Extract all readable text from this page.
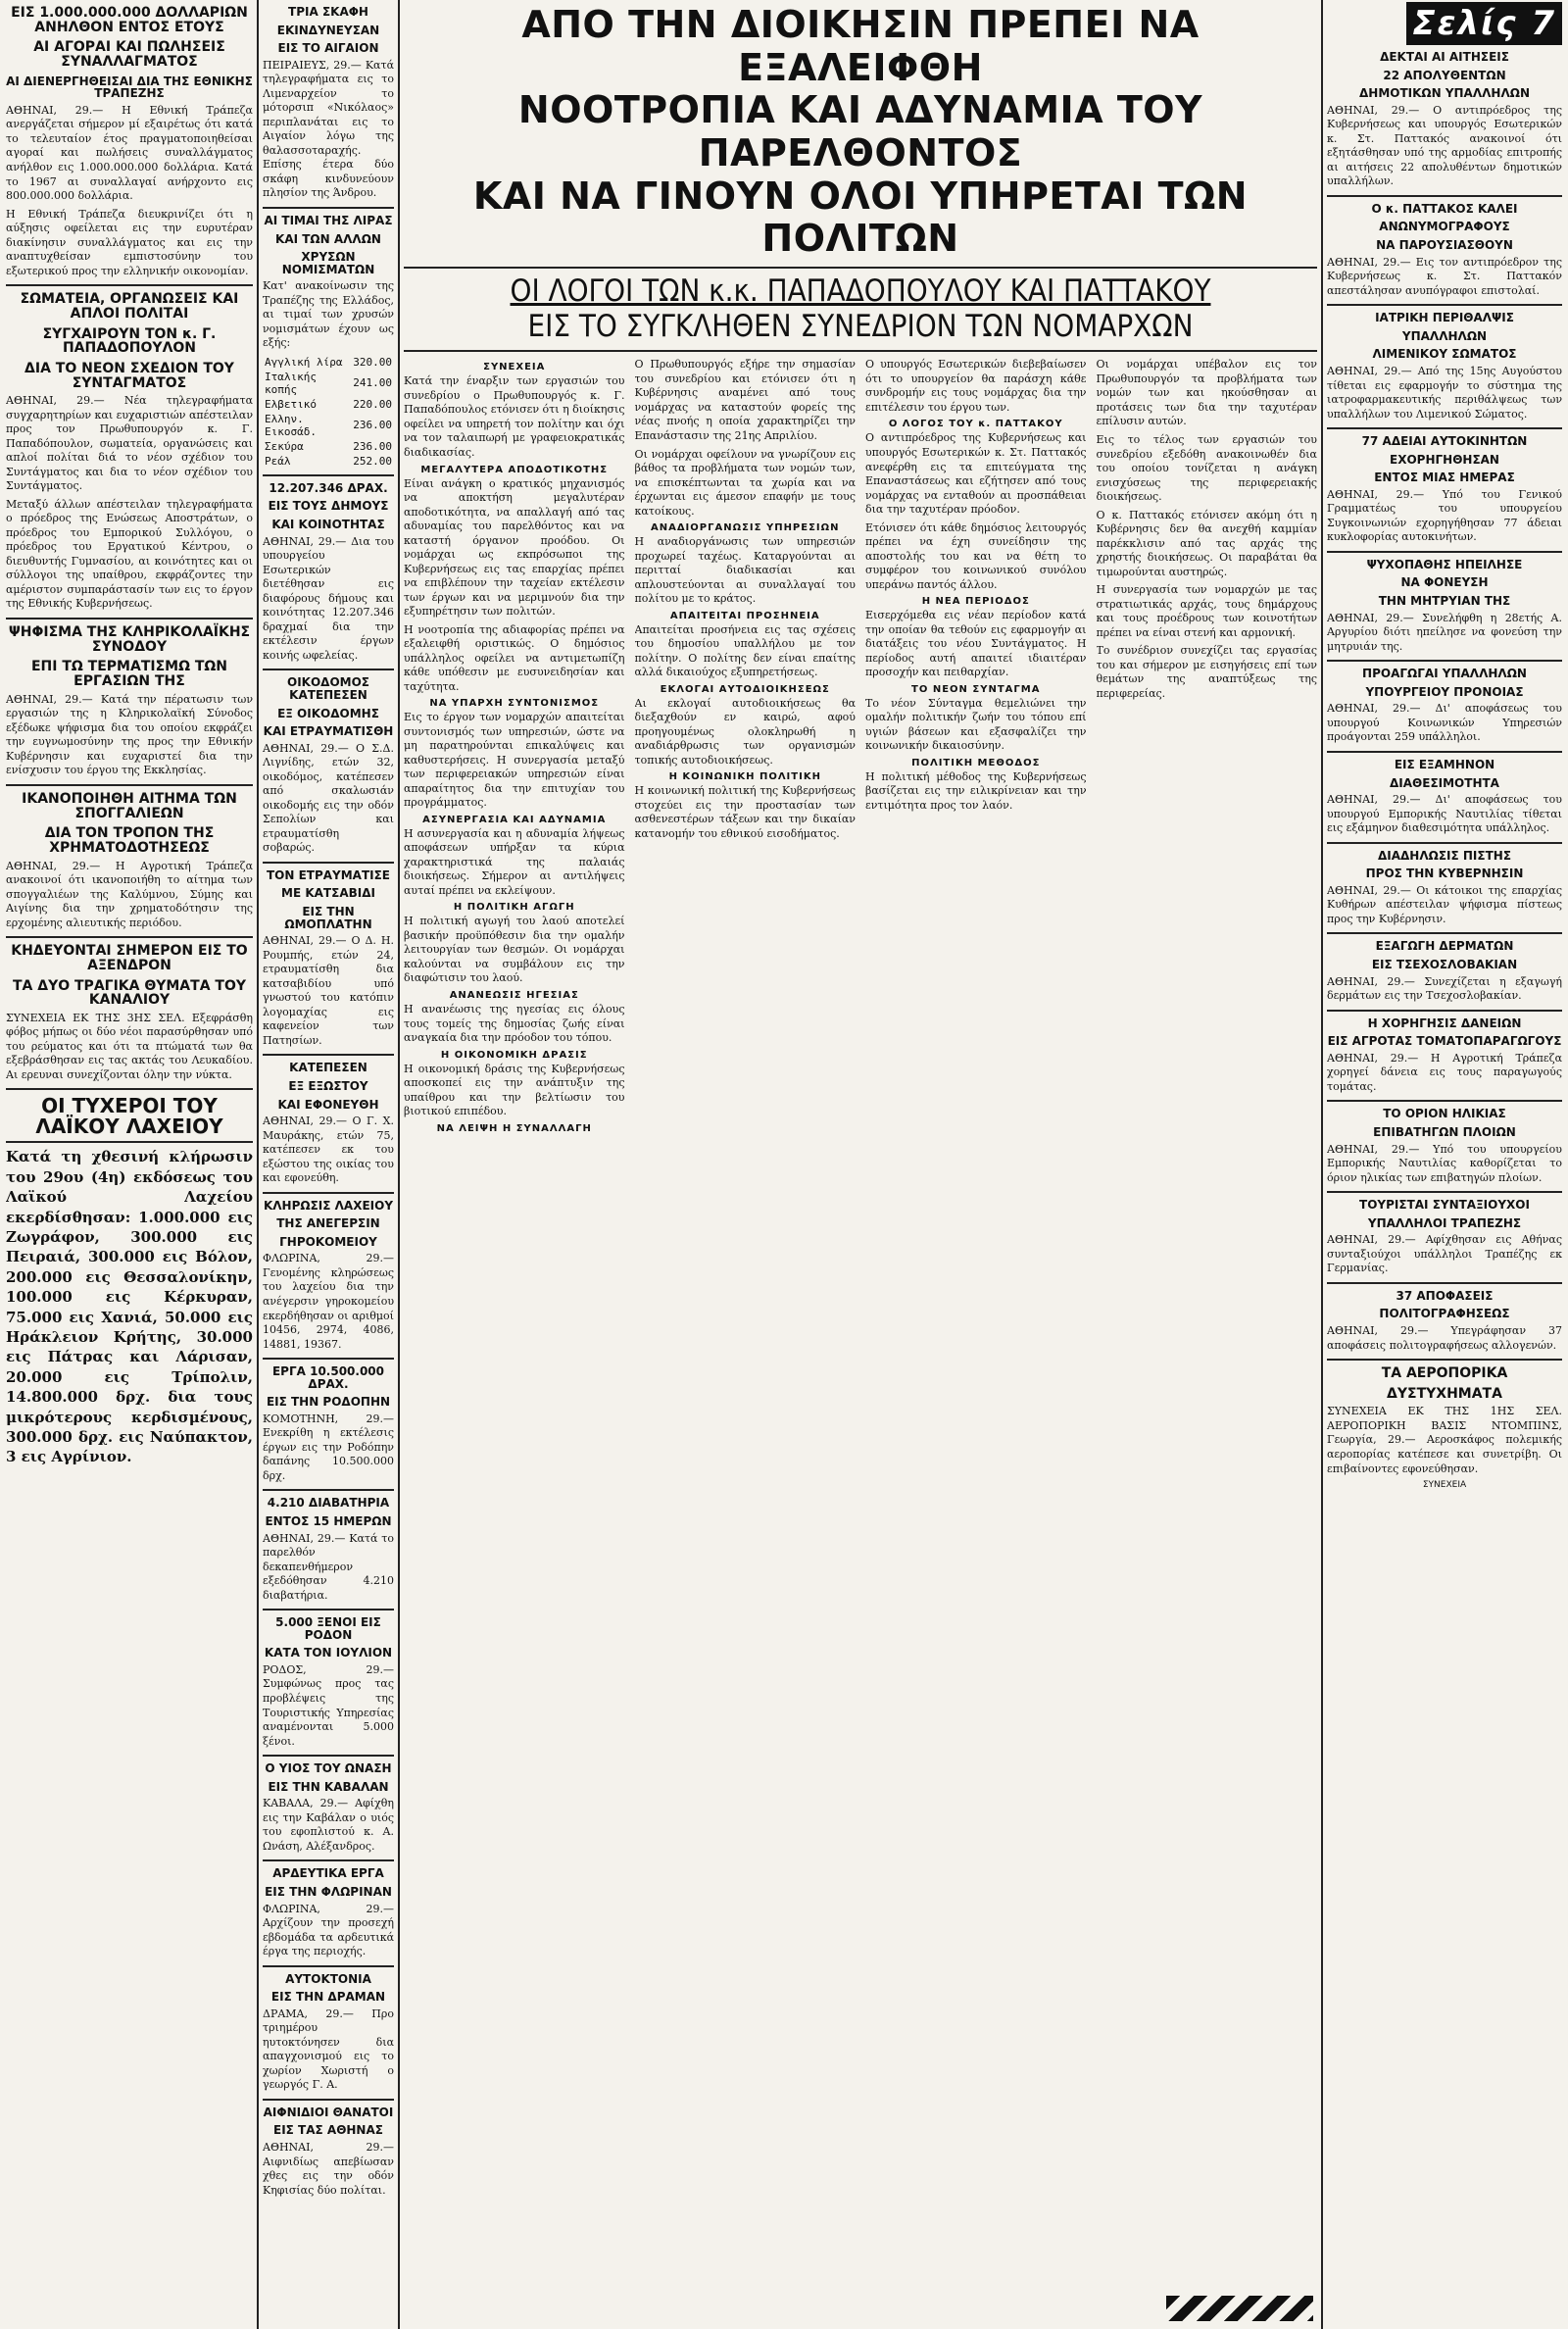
ΕΙΣ 1.000.000.000 ΔΟΛΛΑΡΙΩΝ ΑΝΗΛΘΟΝ ΕΝΤΟΣ ΕΤΟΥΣ
ΑΙ ΑΓΟΡΑΙ ΚΑΙ ΠΩΛΗΣΕΙΣ ΣΥΝΑΛΛΑΓΜΑΤΟΣ
ΑΙ ΔΙΕΝΕΡΓΗΘΕΙΣΑΙ ΔΙΑ ΤΗΣ ΕΘΝΙΚΗΣ ΤΡΑΠΕΖΗΣ

ΑΘΗΝΑΙ, 29.— Η Εθνική Τράπεζα ανεργάζεται σήμερον μί εξαιρέτως ότι κατά το τελευταίον έτος πραγματοποιηθείσαι αγοραί και πωλήσεις συναλλάγματος ανήλθον εις 1.000.000.000 δολλάρια. Κατά το 1967 αι συναλλαγαί ανήρχοντο εις 800.000.000 δολλάρια.

Η Εθνική Τράπεζα διευκρινίζει ότι η αύξησις οφείλεται εις την ευρυτέραν διακίνησιν συναλλάγματος και εις την αναπτυχθείσαν εμπιστοσύνην του εξωτερικού προς την ελληνικήν οικονομίαν.

ΣΩΜΑΤΕΙΑ, ΟΡΓΑΝΩΣΕΙΣ ΚΑΙ ΑΠΛΟΙ ΠΟΛΙΤΑΙ
ΣΥΓΧΑΙΡΟΥΝ ΤΟΝ κ. Γ. ΠΑΠΑΔΟΠΟΥΛΟΝ
ΔΙΑ ΤΟ ΝΕΟΝ ΣΧΕΔΙΟΝ ΤΟΥ ΣΥΝΤΑΓΜΑΤΟΣ

ΑΘΗΝΑΙ, 29.— Νέα τηλεγραφήματα συγχαρητηρίων και ευχαριστιών απέστειλαν προς τον Πρωθυπουργόν κ. Γ. Παπαδόπουλον, σωματεία, οργανώσεις και απλοί πολίται διά το νέον σχέδιον του Συντάγματος και δια το νέον σχέδιον του Συντάγματος.

Μεταξύ άλλων απέστειλαν τηλεγραφήματα ο πρόεδρος της Ενώσεως Αποστράτων, ο πρόεδρος του Εμπορικού Συλλόγου, ο πρόεδρος του Εργατικού Κέντρου, ο διευθυντής Γυμνασίου, αι κοινότητες και οι σύλλογοι της υπαίθρου, εκφράζοντες την αμέριστον συμπαράστασίν των εις το έργον της Εθνικής Κυβερνήσεως.

ΨΗΦΙΣΜΑ ΤΗΣ ΚΛΗΡΙΚΟΛΑΪΚΗΣ ΣΥΝΟΔΟΥ
ΕΠΙ ΤΩ ΤΕΡΜΑΤΙΣΜΩ ΤΩΝ ΕΡΓΑΣΙΩΝ ΤΗΣ

ΑΘΗΝΑΙ, 29.— Κατά την πέρατωσιν των εργασιών της η Κληρικολαϊκή Σύνοδος εξέδωκε ψήφισμα δια του οποίου εκφράζει την ευγνωμοσύνην της προς την Εθνικήν Κυβέρνησιν και ευχαριστεί δια την ενίσχυσιν του έργου της Εκκλησίας.

ΙΚΑΝΟΠΟΙΗΘΗ ΑΙΤΗΜΑ ΤΩΝ ΣΠΟΓΓΑΛΙΕΩΝ
ΔΙΑ ΤΟΝ ΤΡΟΠΟΝ ΤΗΣ ΧΡΗΜΑΤΟΔΟΤΗΣΕΩΣ

ΑΘΗΝΑΙ, 29.— Η Αγροτική Τράπεζα ανακοινοί ότι ικανοποιήθη το αίτημα των σπογγαλιέων της Καλύμνου, Σύμης και Αιγίνης δια την χρηματοδότησιν της ερχομένης αλιευτικής περιόδου.

ΚΗΔΕΥΟΝΤΑΙ ΣΗΜΕΡΟΝ ΕΙΣ ΤΟ ΑΞΕΝΔΡΟΝ
ΤΑ ΔΥΟ ΤΡΑΓΙΚΑ ΘΥΜΑΤΑ ΤΟΥ ΚΑΝΑΛΙΟΥ

ΣΥΝΕΧΕΙΑ ΕΚ ΤΗΣ 3ΗΣ ΣΕΛ. Εξεφράσθη φόβος μήπως οι δύο νέοι παρασύρθησαν υπό του ρεύματος και ότι τα πτώματά των θα εξεβράσθησαν εις τας ακτάς του Λευκαδίου. Αι ερευναι συνεχίζονται όλην την νύκτα.

ΟΙ ΤΥΧΕΡΟΙ ΤΟΥ ΛΑΪΚΟΥ ΛΑΧΕΙΟΥ
Κατά τη χθεσινή κλήρωσιν του 29ου (4η) εκδόσεως του Λαϊκού Λαχείου εκερδίσθησαν: 1.000.000 εις Ζωγράφον, 300.000 εις Πειραιά, 300.000 εις Βόλον, 200.000 εις Θεσσαλονίκην, 100.000 εις Κέρκυραν, 75.000 εις Χανιά, 50.000 εις Ηράκλειον Κρήτης, 30.000 εις Πάτρας και Λάρισαν, 20.000 εις Τρίπολιν, 14.800.000 δρχ. δια τους μικρότερους κερδισμένους, 300.000 δρχ. εις Ναύπακτον, 3 εις Αγρίνιον.
ΤΡΙΑ ΣΚΑΦΗ
ΕΚΙΝΔΥΝΕΥΣΑΝ
ΕΙΣ ΤΟ ΑΙΓΑΙΟΝ

ΠΕΙΡΑΙΕΥΣ, 29.— Κατά τηλεγραφήματα εις το Λιμεναρχείον το μότορσιπ «Νικόλαος» περιπλανάται εις το Αιγαίον λόγω της θαλασσοταραχής. Επίσης έτερα δύο σκάφη κινδυνεύουν πλησίον της Άνδρου.

ΑΙ ΤΙΜΑΙ ΤΗΣ ΛΙΡΑΣ
ΚΑΙ ΤΩΝ ΑΛΛΩΝ
ΧΡΥΣΩΝ ΝΟΜΙΣΜΑΤΩΝ

Κατ' ανακοίνωσιν της Τραπέζης της Ελλάδος, αι τιμαί των χρυσών νομισμάτων έχουν ως εξής:

Αγγλική λίρα	320.00
Ιταλικής κοπής	241.00
Ελβετικό	220.00
Ελλην. Εικοσάδ.	236.00
Σεκύρα	236.00
Ρεάλ	252.00
12.207.346 ΔΡΑΧ.
ΕΙΣ ΤΟΥΣ ΔΗΜΟΥΣ
ΚΑΙ ΚΟΙΝΟΤΗΤΑΣ

ΑΘΗΝΑΙ, 29.— Δια του υπουργείου Εσωτερικών διετέθησαν εις διαφόρους δήμους και κοινότητας 12.207.346 δραχμαί δια την εκτέλεσιν έργων κοινής ωφελείας.

ΟΙΚΟΔΟΜΟΣ ΚΑΤΕΠΕΣΕΝ
ΕΞ ΟΙΚΟΔΟΜΗΣ
ΚΑΙ ΕΤΡΑΥΜΑΤΙΣΘΗ

ΑΘΗΝΑΙ, 29.— Ο Σ.Δ. Λιγνίδης, ετών 32, οικοδόμος, κατέπεσεν από σκαλωσιάν οικοδομής εις την οδόν Σεπολίων και ετραυματίσθη σοβαρώς.

ΤΟΝ ΕΤΡΑΥΜΑΤΙΣΕ
ΜΕ ΚΑΤΣΑΒΙΔΙ
ΕΙΣ ΤΗΝ ΩΜΟΠΛΑΤΗΝ

ΑΘΗΝΑΙ, 29.— Ο Δ. Η. Ρουμπής, ετών 24, ετραυματίσθη δια κατσαβιδίου υπό γνωστού του κατόπιν λογομαχίας εις καφενείον των Πατησίων.

ΚΑΤΕΠΕΣΕΝ
ΕΞ ΕΞΩΣΤΟΥ
ΚΑΙ ΕΦΟΝΕΥΘΗ

ΑΘΗΝΑΙ, 29.— Ο Γ. Χ. Μαυράκης, ετών 75, κατέπεσεν εκ του εξώστου της οικίας του και εφονεύθη.

ΚΛΗΡΩΣΙΣ ΛΑΧΕΙΟΥ
ΤΗΣ ΑΝΕΓΕΡΣΙΝ
ΓΗΡΟΚΟΜΕΙΟΥ

ΦΛΩΡΙΝΑ, 29.— Γενομένης κληρώσεως του λαχείου δια την ανέγερσιν γηροκομείου εκερδήθησαν οι αριθμοί 10456, 2974, 4086, 14881, 19367.

ΕΡΓΑ 10.500.000 ΔΡΑΧ.
ΕΙΣ ΤΗΝ ΡΟΔΟΠΗΝ

ΚΟΜΟΤΗΝΗ, 29.— Ενεκρίθη η εκτέλεσις έργων εις την Ροδόπην δαπάνης 10.500.000 δρχ.

4.210 ΔΙΑΒΑΤΗΡΙΑ
ΕΝΤΟΣ 15 ΗΜΕΡΩΝ

ΑΘΗΝΑΙ, 29.— Κατά το παρελθόν δεκαπενθήμερον εξεδόθησαν 4.210 διαβατήρια.

5.000 ΞΕΝΟΙ ΕΙΣ ΡΟΔΟΝ
ΚΑΤΑ ΤΟΝ ΙΟΥΛΙΟΝ

ΡΟΔΟΣ, 29.— Συμφώνως προς τας προβλέψεις της Τουριστικής Υπηρεσίας αναμένονται 5.000 ξένοι.

Ο ΥΙΟΣ ΤΟΥ ΩΝΑΣΗ
ΕΙΣ ΤΗΝ ΚΑΒΑΛΑΝ

ΚΑΒΑΛΑ, 29.— Αφίχθη εις την Καβάλαν ο υιός του εφοπλιστού κ. Α. Ωνάση, Αλέξανδρος.

ΑΡΔΕΥΤΙΚΑ ΕΡΓΑ
ΕΙΣ ΤΗΝ ΦΛΩΡΙΝΑΝ

ΦΛΩΡΙΝΑ, 29.— Αρχίζουν την προσεχή εβδομάδα τα αρδευτικά έργα της περιοχής.

ΑΥΤΟΚΤΟΝΙΑ
ΕΙΣ ΤΗΝ ΔΡΑΜΑΝ

ΔΡΑΜΑ, 29.— Προ τριημέρου ηυτοκτόνησεν δια απαγχονισμού εις το χωρίον Χωριστή ο γεωργός Γ. Α.

ΑΙΦΝΙΔΙΟΙ ΘΑΝΑΤΟΙ
ΕΙΣ ΤΑΣ ΑΘΗΝΑΣ

ΑΘΗΝΑΙ, 29.— Αιφνιδίως απεβίωσαν χθες εις την οδόν Κηφισίας δύο πολίται.

ΑΠΟ ΤΗΝ ΔΙΟΙΚΗΣΙΝ ΠΡΕΠΕΙ ΝΑ ΕΞΑΛΕΙΦΘΗ
ΝΟΟΤΡΟΠΙΑ ΚΑΙ ΑΔΥΝΑΜΙΑ ΤΟΥ ΠΑΡΕΛΘΟΝΤΟΣ
ΚΑΙ ΝΑ ΓΙΝΟΥΝ ΟΛΟΙ ΥΠΗΡΕΤΑΙ ΤΩΝ ΠΟΛΙΤΩΝ
ΟΙ ΛΟΓΟΙ ΤΩΝ κ.κ. ΠΑΠΑΔΟΠΟΥΛΟΥ ΚΑΙ ΠΑΤΤΑΚΟΥ
ΕΙΣ ΤΟ ΣΥΓΚΛΗΘΕΝ ΣΥΝΕΔΡΙΟΝ ΤΩΝ ΝΟΜΑΡΧΩΝ
ΣΥΝΕΧΕΙΑ

Κατά την έναρξιν των εργασιών του συνεδρίου ο Πρωθυπουργός κ. Γ. Παπαδόπουλος ετόνισεν ότι η διοίκησις οφείλει να υπηρετή τον πολίτην και όχι να τον ταλαιπωρή με γραφειοκρατικάς διαδικασίας.

ΜΕΓΑΛΥΤΕΡΑ ΑΠΟΔΟΤΙΚΟΤΗΣ

Είναι ανάγκη ο κρατικός μηχανισμός να αποκτήση μεγαλυτέραν αποδοτικότητα, να απαλλαγή από τας αδυναμίας του παρελθόντος και να καταστή όργανον προόδου. Οι νομάρχαι ως εκπρόσωποι της Κυβερνήσεως εις τας επαρχίας πρέπει να επιβλέπουν την ταχείαν εκτέλεσιν των έργων και να μεριμνούν δια την εξυπηρέτησιν των πολιτών.

Η νοοτροπία της αδιαφορίας πρέπει να εξαλειφθή οριστικώς. Ο δημόσιος υπάλληλος οφείλει να αντιμετωπίζη κάθε υπόθεσιν με ευσυνειδησίαν και ταχύτητα.

ΝΑ ΥΠΑΡΧΗ ΣΥΝΤΟΝΙΣΜΟΣ

Εις το έργον των νομαρχών απαιτείται συντονισμός των υπηρεσιών, ώστε να μη παρατηρούνται επικαλύψεις και καθυστερήσεις. Η συνεργασία μεταξύ των περιφερειακών υπηρεσιών είναι απαραίτητος δια την επιτυχίαν του προγράμματος.

ΑΣΥΝΕΡΓΑΣΙΑ ΚΑΙ ΑΔΥΝΑΜΙΑ

Η ασυνεργασία και η αδυναμία λήψεως αποφάσεων υπήρξαν τα κύρια χαρακτηριστικά της παλαιάς διοικήσεως. Σήμερον αι αντιλήψεις αυταί πρέπει να εκλείψουν.

Η ΠΟΛΙΤΙΚΗ ΑΓΩΓΗ

Η πολιτική αγωγή του λαού αποτελεί βασικήν προϋπόθεσιν δια την ομαλήν λειτουργίαν των θεσμών. Οι νομάρχαι καλούνται να συμβάλουν εις την διαφώτισιν του λαού.

ΑΝΑΝΕΩΣΙΣ ΗΓΕΣΙΑΣ

Η ανανέωσις της ηγεσίας εις όλους τους τομείς της δημοσίας ζωής είναι αναγκαία δια την πρόοδον του τόπου.

Η ΟΙΚΟΝΟΜΙΚΗ ΔΡΑΣΙΣ

Η οικονομική δράσις της Κυβερνήσεως αποσκοπεί εις την ανάπτυξιν της υπαίθρου και την βελτίωσιν του βιοτικού επιπέδου.

ΝΑ ΛΕΙΨΗ Η ΣΥΝΑΛΛΑΓΗ

Ο Πρωθυπουργός εξήρε την σημασίαν του συνεδρίου και ετόνισεν ότι η Κυβέρνησις αναμένει από τους νομάρχας να καταστούν φορείς της νέας πνοής η οποία χαρακτηρίζει την Επανάστασιν της 21ης Απριλίου.

Οι νομάρχαι οφείλουν να γνωρίζουν εις βάθος τα προβλήματα των νομών των, να επισκέπτωνται τα χωρία και να έρχωνται εις άμεσον επαφήν με τους κατοίκους.

ΑΝΑΔΙΟΡΓΑΝΩΣΙΣ ΥΠΗΡΕΣΙΩΝ

Η αναδιοργάνωσις των υπηρεσιών προχωρεί ταχέως. Καταργούνται αι περιτταί διαδικασίαι και απλουστεύονται αι συναλλαγαί του πολίτου με το κράτος.

ΑΠΑΙΤΕΙΤΑΙ ΠΡΟΣΗΝΕΙΑ

Απαιτείται προσήνεια εις τας σχέσεις του δημοσίου υπαλλήλου με τον πολίτην. Ο πολίτης δεν είναι επαίτης αλλά δικαιούχος εξυπηρετήσεως.

ΕΚΛΟΓΑΙ ΑΥΤΟΔΙΟΙΚΗΣΕΩΣ

Αι εκλογαί αυτοδιοικήσεως θα διεξαχθούν εν καιρώ, αφού προηγουμένως ολοκληρωθή η αναδιάρθρωσις των οργανισμών τοπικής αυτοδιοικήσεως.

Η ΚΟΙΝΩΝΙΚΗ ΠΟΛΙΤΙΚΗ

Η κοινωνική πολιτική της Κυβερνήσεως στοχεύει εις την προστασίαν των ασθενεστέρων τάξεων και την δικαίαν κατανομήν του εθνικού εισοδήματος.

Ο υπουργός Εσωτερικών διεβεβαίωσεν ότι το υπουργείον θα παράσχη κάθε συνδρομήν εις τους νομάρχας δια την επιτέλεσιν του έργου των.

Ο ΛΟΓΟΣ ΤΟΥ κ. ΠΑΤΤΑΚΟΥ

Ο αντιπρόεδρος της Κυβερνήσεως και υπουργός Εσωτερικών κ. Στ. Παττακός ανεφέρθη εις τα επιτεύγματα της Επαναστάσεως και εζήτησεν από τους νομάρχας να ενταθούν αι προσπάθειαι δια την ταχυτέραν πρόοδον.

Ετόνισεν ότι κάθε δημόσιος λειτουργός πρέπει να έχη συνείδησιν της αποστολής του και να θέτη το συμφέρον του κοινωνικού συνόλου υπεράνω παντός άλλου.

Η ΝΕΑ ΠΕΡΙΟΔΟΣ

Εισερχόμεθα εις νέαν περίοδον κατά την οποίαν θα τεθούν εις εφαρμογήν αι διατάξεις του νέου Συντάγματος. Η περίοδος αυτή απαιτεί ιδιαιτέραν προσοχήν και πειθαρχίαν.

ΤΟ ΝΕΟΝ ΣΥΝΤΑΓΜΑ

Το νέον Σύνταγμα θεμελιώνει την ομαλήν πολιτικήν ζωήν του τόπου επί υγιών βάσεων και εξασφαλίζει την κοινωνικήν δικαιοσύνην.

ΠΟΛΙΤΙΚΗ ΜΕΘΟΔΟΣ

Η πολιτική μέθοδος της Κυβερνήσεως βασίζεται εις την ειλικρίνειαν και την εντιμότητα προς τον λαόν.

Οι νομάρχαι υπέβαλον εις τον Πρωθυπουργόν τα προβλήματα των νομών των και ηκούσθησαν αι προτάσεις των δια την ταχυτέραν επίλυσιν αυτών.

Εις το τέλος των εργασιών του συνεδρίου εξεδόθη ανακοινωθέν δια του οποίου τονίζεται η ανάγκη ενισχύσεως της περιφερειακής διοικήσεως.

Ο κ. Παττακός ετόνισεν ακόμη ότι η Κυβέρνησις δεν θα ανεχθή καμμίαν παρέκκλισιν από τας αρχάς της χρηστής διοικήσεως. Οι παραβάται θα τιμωρούνται αυστηρώς.

Η συνεργασία των νομαρχών με τας στρατιωτικάς αρχάς, τους δημάρχους και τους προέδρους των κοινοτήτων πρέπει να είναι στενή και αρμονική.

Το συνέδριον συνεχίζει τας εργασίας του και σήμερον με εισηγήσεις επί των θεμάτων της αναπτύξεως της περιφερείας.

Σελίς 7
ΔΕΚΤΑΙ ΑΙ ΑΙΤΗΣΕΙΣ
22 ΑΠΟΛΥΘΕΝΤΩΝ
ΔΗΜΟΤΙΚΩΝ ΥΠΑΛΛΗΛΩΝ

ΑΘΗΝΑΙ, 29.— Ο αντιπρόεδρος της Κυβερνήσεως και υπουργός Εσωτερικών κ. Στ. Παττακός ανακοινοί ότι εξητάσθησαν υπό της αρμοδίας επιτροπής αι αιτήσεις 22 απολυθέντων δημοτικών υπαλλήλων.

Ο κ. ΠΑΤΤΑΚΟΣ ΚΑΛΕΙ
ΑΝΩΝΥΜΟΓΡΑΦΟΥΣ
ΝΑ ΠΑΡΟΥΣΙΑΣΘΟΥΝ

ΑΘΗΝΑΙ, 29.— Εις τον αντιπρόεδρον της Κυβερνήσεως κ. Στ. Παττακόν απεστάλησαν ανυπόγραφοι επιστολαί.

ΙΑΤΡΙΚΗ ΠΕΡΙΘΑΛΨΙΣ
ΥΠΑΛΛΗΛΩΝ
ΛΙΜΕΝΙΚΟΥ ΣΩΜΑΤΟΣ

ΑΘΗΝΑΙ, 29.— Από της 15ης Αυγούστου τίθεται εις εφαρμογήν το σύστημα της ιατροφαρμακευτικής περιθάλψεως των υπαλλήλων του Λιμενικού Σώματος.

77 ΑΔΕΙΑΙ ΑΥΤΟΚΙΝΗΤΩΝ
ΕΧΟΡΗΓΗΘΗΣΑΝ
ΕΝΤΟΣ ΜΙΑΣ ΗΜΕΡΑΣ

ΑΘΗΝΑΙ, 29.— Υπό του Γενικού Γραμματέως του υπουργείου Συγκοινωνιών εχορηγήθησαν 77 άδειαι κυκλοφορίας αυτοκινήτων.

ΨΥΧΟΠΑΘΗΣ ΗΠΕΙΛΗΣΕ
ΝΑ ΦΟΝΕΥΣΗ
ΤΗΝ ΜΗΤΡΥΙΑΝ ΤΗΣ

ΑΘΗΝΑΙ, 29.— Συνελήφθη η 28ετής Α. Αργυρίου διότι ηπείλησε να φονεύση την μητρυιάν της.

ΠΡΟΑΓΩΓΑΙ ΥΠΑΛΛΗΛΩΝ
ΥΠΟΥΡΓΕΙΟΥ ΠΡΟΝΟΙΑΣ

ΑΘΗΝΑΙ, 29.— Δι' αποφάσεως του υπουργού Κοινωνικών Υπηρεσιών προάγονται 259 υπάλληλοι.

ΕΙΣ ΕΞΑΜΗΝΟΝ
ΔΙΑΘΕΣΙΜΟΤΗΤΑ

ΑΘΗΝΑΙ, 29.— Δι' αποφάσεως του υπουργού Εμπορικής Ναυτιλίας τίθεται εις εξάμηνον διαθεσιμότητα υπάλληλος.

ΔΙΑΔΗΛΩΣΙΣ ΠΙΣΤΗΣ
ΠΡΟΣ ΤΗΝ ΚΥΒΕΡΝΗΣΙΝ

ΑΘΗΝΑΙ, 29.— Οι κάτοικοι της επαρχίας Κυθήρων απέστειλαν ψήφισμα πίστεως προς την Κυβέρνησιν.

ΕΞΑΓΩΓΗ ΔΕΡΜΑΤΩΝ
ΕΙΣ ΤΣΕΧΟΣΛΟΒΑΚΙΑΝ

ΑΘΗΝΑΙ, 29.— Συνεχίζεται η εξαγωγή δερμάτων εις την Τσεχοσλοβακίαν.

Η ΧΟΡΗΓΗΣΙΣ ΔΑΝΕΙΩΝ
ΕΙΣ ΑΓΡΟΤΑΣ ΤΟΜΑΤΟΠΑΡΑΓΩΓΟΥΣ

ΑΘΗΝΑΙ, 29.— Η Αγροτική Τράπεζα χορηγεί δάνεια εις τους παραγωγούς τομάτας.

ΤΟ ΟΡΙΟΝ ΗΛΙΚΙΑΣ
ΕΠΙΒΑΤΗΓΩΝ ΠΛΟΙΩΝ

ΑΘΗΝΑΙ, 29.— Υπό του υπουργείου Εμπορικής Ναυτιλίας καθορίζεται το όριον ηλικίας των επιβατηγών πλοίων.

ΤΟΥΡΙΣΤΑΙ ΣΥΝΤΑΞΙΟΥΧΟΙ
ΥΠΑΛΛΗΛΟΙ ΤΡΑΠΕΖΗΣ

ΑΘΗΝΑΙ, 29.— Αφίχθησαν εις Αθήνας συνταξιούχοι υπάλληλοι Τραπέζης εκ Γερμανίας.

37 ΑΠΟΦΑΣΕΙΣ
ΠΟΛΙΤΟΓΡΑΦΗΣΕΩΣ

ΑΘΗΝΑΙ, 29.— Υπεγράφησαν 37 αποφάσεις πολιτογραφήσεως αλλογενών.

ΤΑ ΑΕΡΟΠΟΡΙΚΑ
ΔΥΣΤΥΧΗΜΑΤΑ

ΣΥΝΕΧΕΙΑ ΕΚ ΤΗΣ 1ΗΣ ΣΕΛ. ΑΕΡΟΠΟΡΙΚΗ ΒΑΣΙΣ ΝΤΟΜΠΙΝΣ, Γεωργία, 29.— Αεροσκάφος πολεμικής αεροπορίας κατέπεσε και συνετρίβη. Οι επιβαίνοντες εφονεύθησαν.

ΣΥΝΕΧΕΙΑ
